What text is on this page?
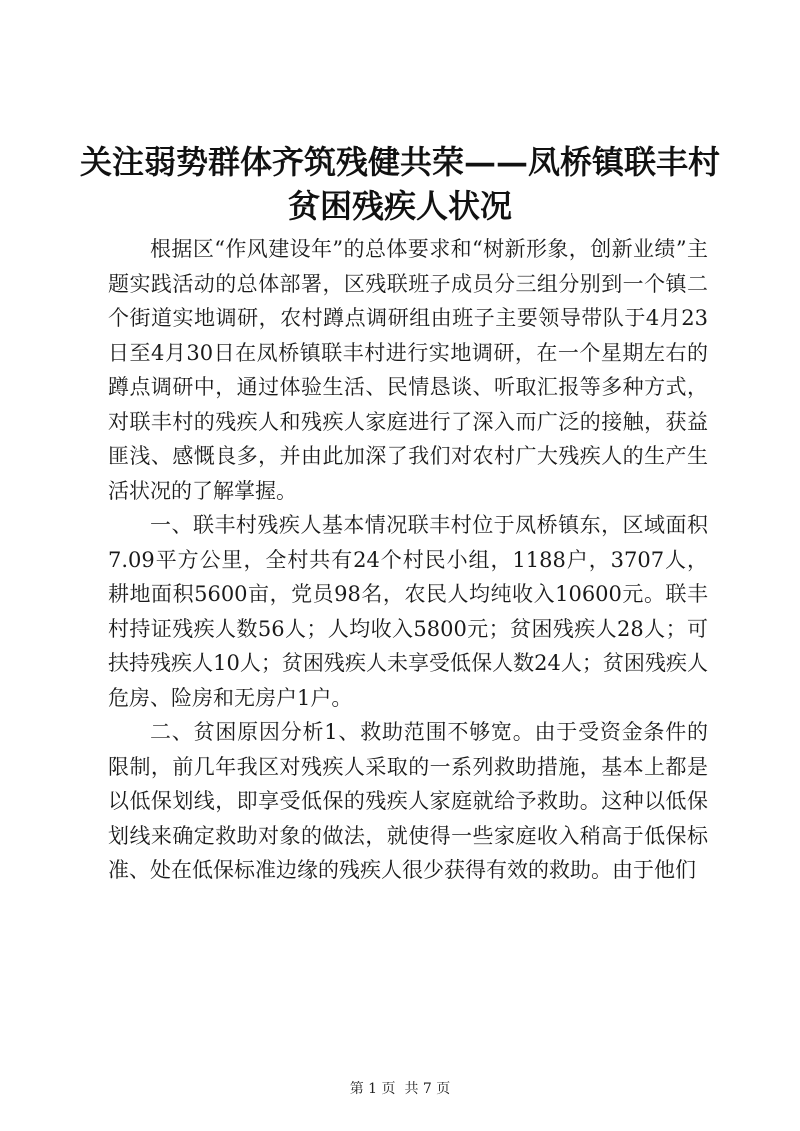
关注弱势群体齐筑残健共荣——凤桥镇联丰村
贫困残疾人状况

根据区“作风建设年”的总体要求和“树新形象，创新业绩”主题实践活动的总体部署，区残联班子成员分三组分别到一个镇二个街道实地调研，农村蹲点调研组由班子主要领导带队于4月23日至4月30日在凤桥镇联丰村进行实地调研，在一个星期左右的蹲点调研中，通过体验生活、民情恳谈、听取汇报等多种方式，对联丰村的残疾人和残疾人家庭进行了深入而广泛的接触，获益匪浅、感慨良多，并由此加深了我们对农村广大残疾人的生产生活状况的了解掌握。

一、联丰村残疾人基本情况联丰村位于凤桥镇东，区域面积7.09平方公里，全村共有24个村民小组，1188户，3707人，耕地面积5600亩，党员98名，农民人均纯收入10600元。联丰村持证残疾人数56人；人均收入5800元；贫困残疾人28人；可扶持残疾人10人；贫困残疾人未享受低保人数24人；贫困残疾人危房、险房和无房户1户。

二、贫困原因分析1、救助范围不够宽。由于受资金条件的限制，前几年我区对残疾人采取的一系列救助措施，基本上都是以低保划线，即享受低保的残疾人家庭就给予救助。这种以低保划线来确定救助对象的做法，就使得一些家庭收入稍高于低保标准、处在低保标准边缘的残疾人很少获得有效的救助。由于他们

第 1 页  共 7 页
